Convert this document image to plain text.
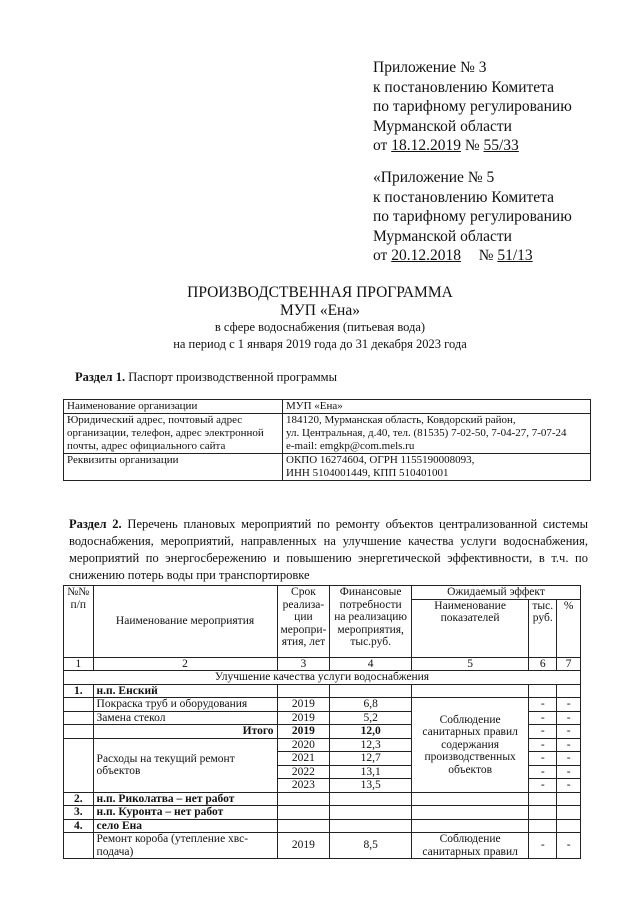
Приложение № 3
к постановлению Комитета
по тарифному регулированию
Мурманской области
от 18.12.2019 № 55/33
«Приложение № 5
к постановлению Комитета
по тарифному регулированию
Мурманской области
от 20.12.2018 № 51/13
ПРОИЗВОДСТВЕННАЯ ПРОГРАММА
МУП «Ена»
в сфере водоснабжения (питьевая вода)
на период с 1 января 2019 года до 31 декабря 2023 года
Раздел 1. Паспорт производственной программы
Наименование организации	МУП «Ена»
Юридический адрес, почтовый адрес организации, телефон, адрес электронной почты, адрес официального сайта	184120, Мурманская область, Ковдорский район,
ул. Центральная, д.40, тел. (81535) 7-02-50, 7-04-27, 7-07-24
e-mail: emgkp@com.mels.ru

Реквизиты организации	ОКПО 16274604, ОГРН 1155190008093,
ИНН 5104001449, КПП 510401001
Раздел 2. Перечень плановых мероприятий по ремонту объектов централизованной системы водоснабжения, мероприятий, направленных на улучшение качества услуги водоснабжения, мероприятий по энергосбережению и повышению энергетической эффективности, в т.ч. по снижению потерь воды при транспортировке
№№ п/п	Наименование мероприятия	Срок реализа-ции меропри-ятия, лет	Финансовые потребности на реализацию мероприятия, тыс.руб.	Ожидаемый эффект		
				Наименование показателей	тыс. руб.	%
1	2	3	4	5	6	7
Улучшение качества услуги водоснабжения						
1.	н.п. Енский					
	Покраска труб и оборудования	2019	6,8	Соблюдение санитарных правил содержания производственных объектов	-	-
	Замена стекол	2019	5,2		-	-
	Итого	2019	12,0		-	-
	Расходы на текущий ремонт объектов	2020	12,3		-	-
		2021	12,7		-	-
		2022	13,1		-	-
		2023	13,5		-	-
2.	н.п. Риколатва – нет работ					
3.	н.п. Куронта – нет работ					
4.	село Ена					
	Ремонт короба (утепление хвс-подача)	2019	8,5	Соблюдение санитарных правил	-	-
